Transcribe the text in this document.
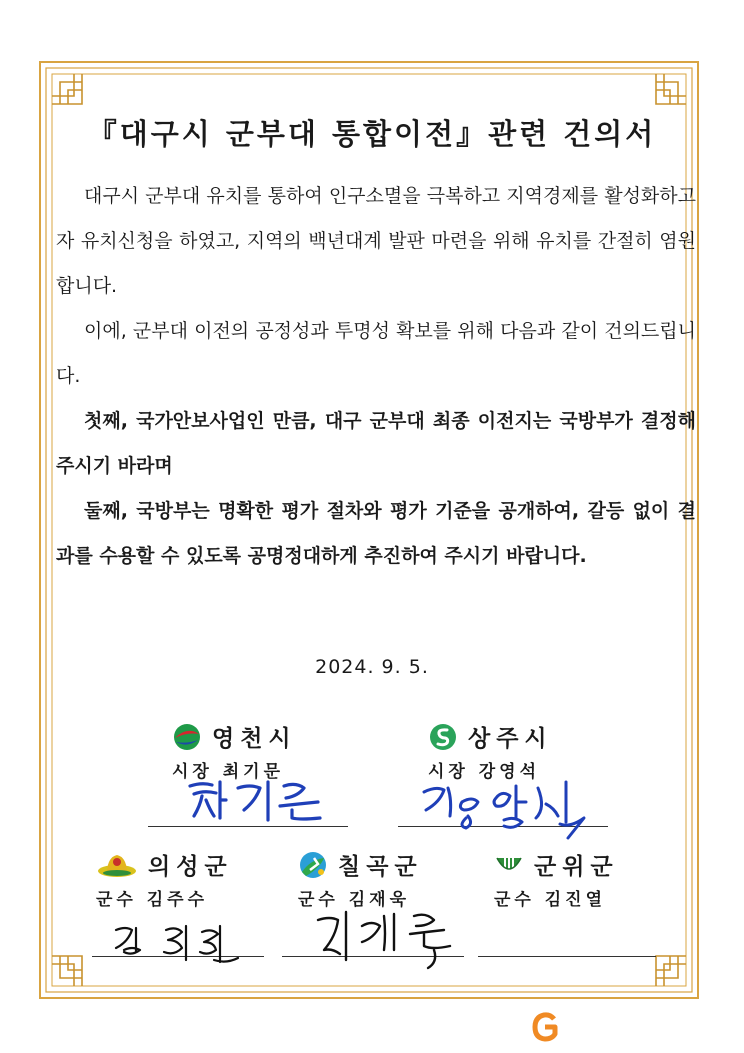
『대구시 군부대 통합이전』관련 건의서
대구시 군부대 유치를 통하여 인구소멸을 극복하고 지역경제를 활성화하고자 유치신청을 하였고, 지역의 백년대계 발판 마련을 위해 유치를 간절히 염원합니다.
이에, 군부대 이전의 공정성과 투명성 확보를 위해 다음과 같이 건의드립니다.
첫째, 국가안보사업인 만큼, 대구 군부대 최종 이전지는 국방부가 결정해 주시기 바라며
둘째, 국방부는 명확한 평가 절차와 평가 기준을 공개하여, 갈등 없이 결과를 수용할 수 있도록 공명정대하게 추진하여 주시기 바랍니다.
2024. 9. 5.
영천시
시장 최기문
상주시
시장 강영석
의성군
군수 김주수
칠곡군
군수 김재욱
군위군
군수 김진열
